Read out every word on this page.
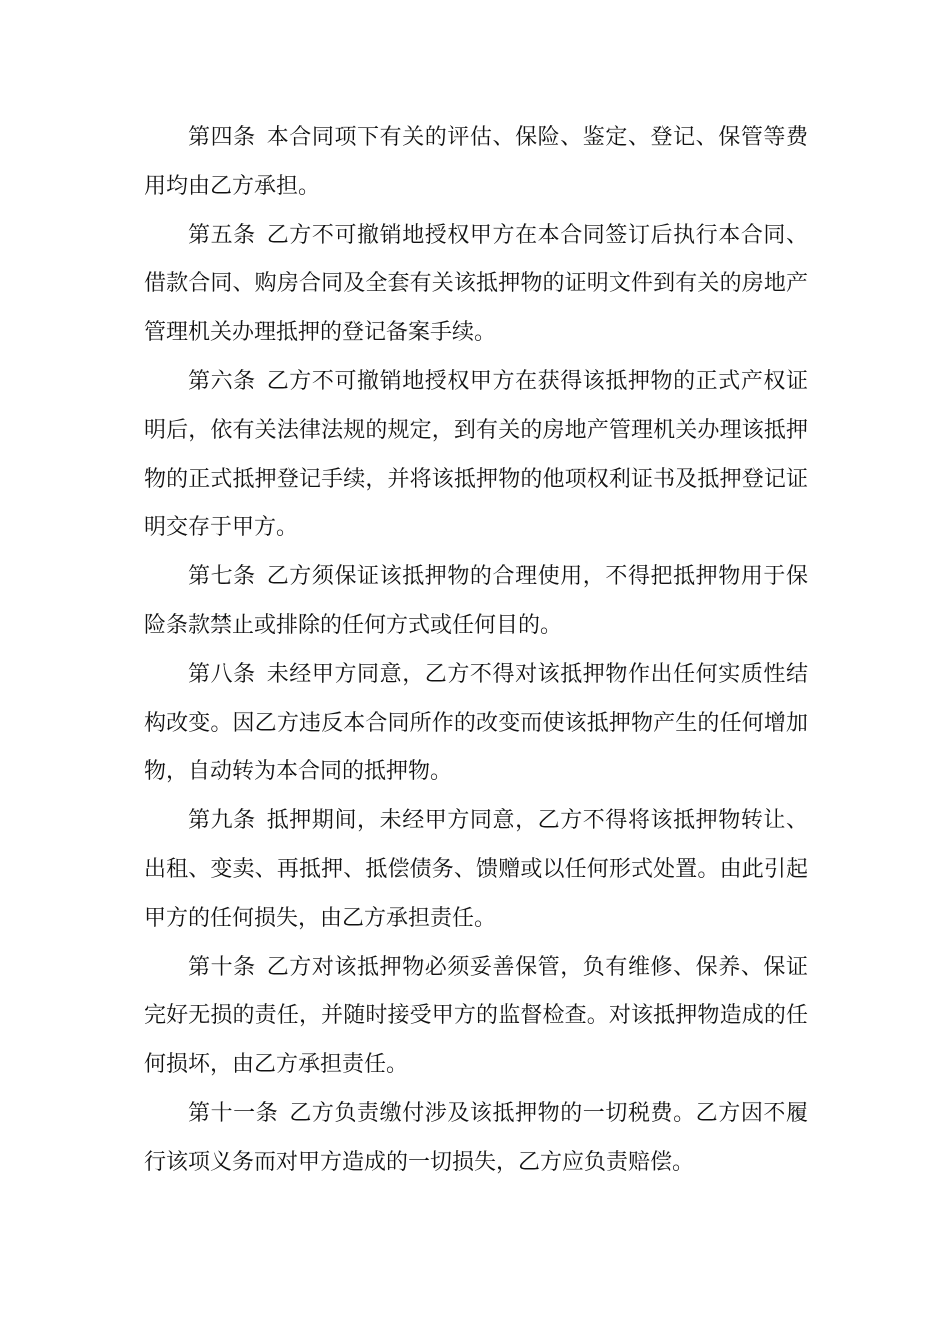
第四条 本合同项下有关的评估、保险、鉴定、登记、保管等费用均由乙方承担。

第五条 乙方不可撤销地授权甲方在本合同签订后执行本合同、借款合同、购房合同及全套有关该抵押物的证明文件到有关的房地产管理机关办理抵押的登记备案手续。

第六条 乙方不可撤销地授权甲方在获得该抵押物的正式产权证明后，依有关法律法规的规定，到有关的房地产管理机关办理该抵押物的正式抵押登记手续，并将该抵押物的他项权利证书及抵押登记证明交存于甲方。

第七条 乙方须保证该抵押物的合理使用，不得把抵押物用于保险条款禁止或排除的任何方式或任何目的。

第八条 未经甲方同意，乙方不得对该抵押物作出任何实质性结构改变。因乙方违反本合同所作的改变而使该抵押物产生的任何增加物，自动转为本合同的抵押物。

第九条 抵押期间，未经甲方同意，乙方不得将该抵押物转让、出租、变卖、再抵押、抵偿债务、馈赠或以任何形式处置。由此引起甲方的任何损失，由乙方承担责任。

第十条 乙方对该抵押物必须妥善保管，负有维修、保养、保证完好无损的责任，并随时接受甲方的监督检查。对该抵押物造成的任何损坏，由乙方承担责任。

第十一条 乙方负责缴付涉及该抵押物的一切税费。乙方因不履行该项义务而对甲方造成的一切损失，乙方应负责赔偿。
